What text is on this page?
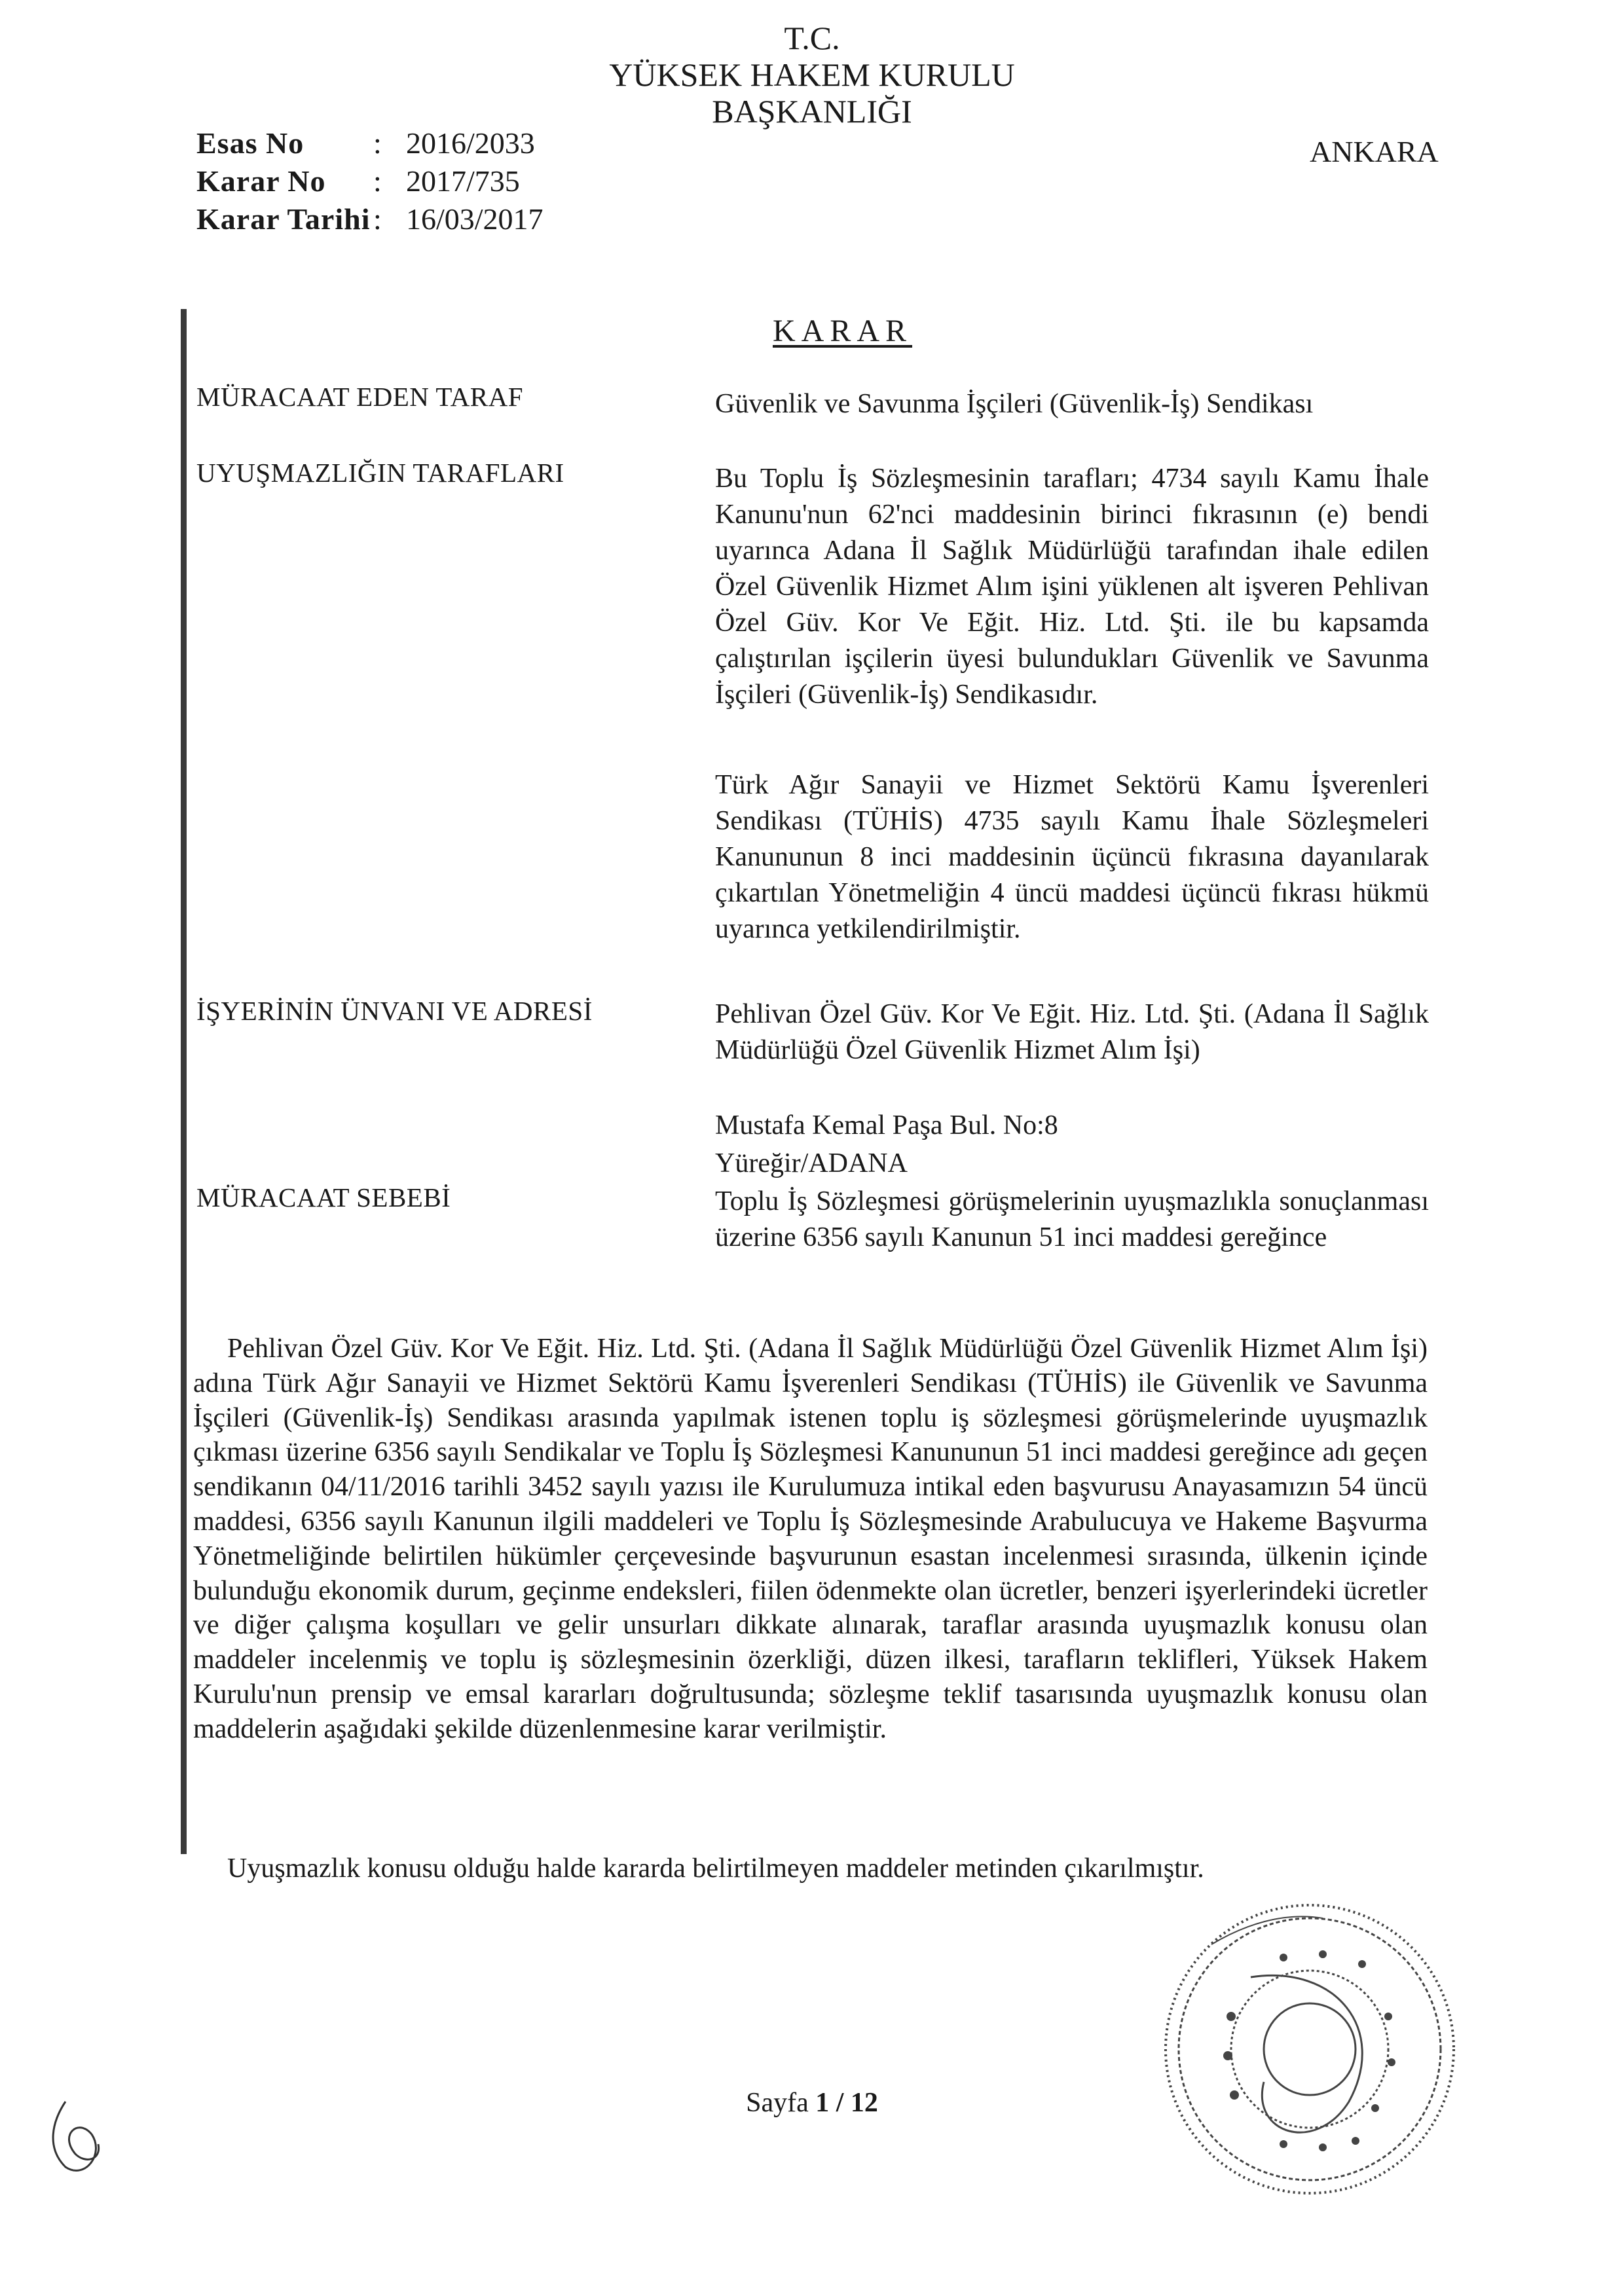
T.C.
YÜKSEK HAKEM KURULU
BAŞKANLIĞI
Esas No	: 2016/2033
Karar No	: 2017/735
Karar Tarihi : 16/03/2017
ANKARA
KARAR
MÜRACAAT EDEN TARAF
UYUŞMAZLIĞIN TARAFLARI
İŞYERİNİN ÜNVANI VE ADRESİ
MÜRACAAT SEBEBİ
Güvenlik ve Savunma İşçileri (Güvenlik-İş) Sendikası
Bu Toplu İş Sözleşmesinin tarafları; 4734 sayılı Kamu İhale Kanunu'nun 62'nci maddesinin birinci fıkrasının (e) bendi uyarınca Adana İl Sağlık Müdürlüğü tarafından ihale edilen Özel Güvenlik Hizmet Alım işini yüklenen alt işveren Pehlivan Özel Güv. Kor Ve Eğit. Hiz. Ltd. Şti. ile bu kapsamda çalıştırılan işçilerin üyesi bulundukları Güvenlik ve Savunma İşçileri (Güvenlik-İş) Sendikasıdır.
Türk Ağır Sanayii ve Hizmet Sektörü Kamu İşverenleri Sendikası (TÜHİS) 4735 sayılı Kamu İhale Sözleşmeleri Kanununun 8 inci maddesinin üçüncü fıkrasına dayanılarak çıkartılan Yönetmeliğin 4 üncü maddesi üçüncü fıkrası hükmü uyarınca yetkilendirilmiştir.
Pehlivan Özel Güv. Kor Ve Eğit. Hiz. Ltd. Şti. (Adana İl Sağlık Müdürlüğü Özel Güvenlik Hizmet Alım İşi)
Mustafa Kemal Paşa Bul. No:8
Yüreğir/ADANA
Toplu İş Sözleşmesi görüşmelerinin uyuşmazlıkla sonuçlanması üzerine 6356 sayılı Kanunun 51 inci maddesi gereğince
Pehlivan Özel Güv. Kor Ve Eğit. Hiz. Ltd. Şti. (Adana İl Sağlık Müdürlüğü Özel Güvenlik Hizmet Alım İşi) adına Türk Ağır Sanayii ve Hizmet Sektörü Kamu İşverenleri Sendikası (TÜHİS) ile Güvenlik ve Savunma İşçileri (Güvenlik-İş) Sendikası arasında yapılmak istenen toplu iş sözleşmesi görüşmelerinde uyuşmazlık çıkması üzerine 6356 sayılı Sendikalar ve Toplu İş Sözleşmesi Kanununun 51 inci maddesi gereğince adı geçen sendikanın 04/11/2016 tarihli 3452 sayılı yazısı ile Kurulumuza intikal eden başvurusu Anayasamızın 54 üncü maddesi, 6356 sayılı Kanunun ilgili maddeleri ve Toplu İş Sözleşmesinde Arabulucuya ve Hakeme Başvurma Yönetmeliğinde belirtilen hükümler çerçevesinde başvurunun esastan incelenmesi sırasında, ülkenin içinde bulunduğu ekonomik durum, geçinme endeksleri, fiilen ödenmekte olan ücretler, benzeri işyerlerindeki ücretler ve diğer çalışma koşulları ve gelir unsurları dikkate alınarak, taraflar arasında uyuşmazlık konusu olan maddeler incelenmiş ve toplu iş sözleşmesinin özerkliği, düzen ilkesi, tarafların teklifleri, Yüksek Hakem Kurulu'nun prensip ve emsal kararları doğrultusunda; sözleşme teklif tasarısında uyuşmazlık konusu olan maddelerin aşağıdaki şekilde düzenlenmesine karar verilmiştir.
Uyuşmazlık konusu olduğu halde kararda belirtilmeyen maddeler metinden çıkarılmıştır.
Sayfa 1 / 12
